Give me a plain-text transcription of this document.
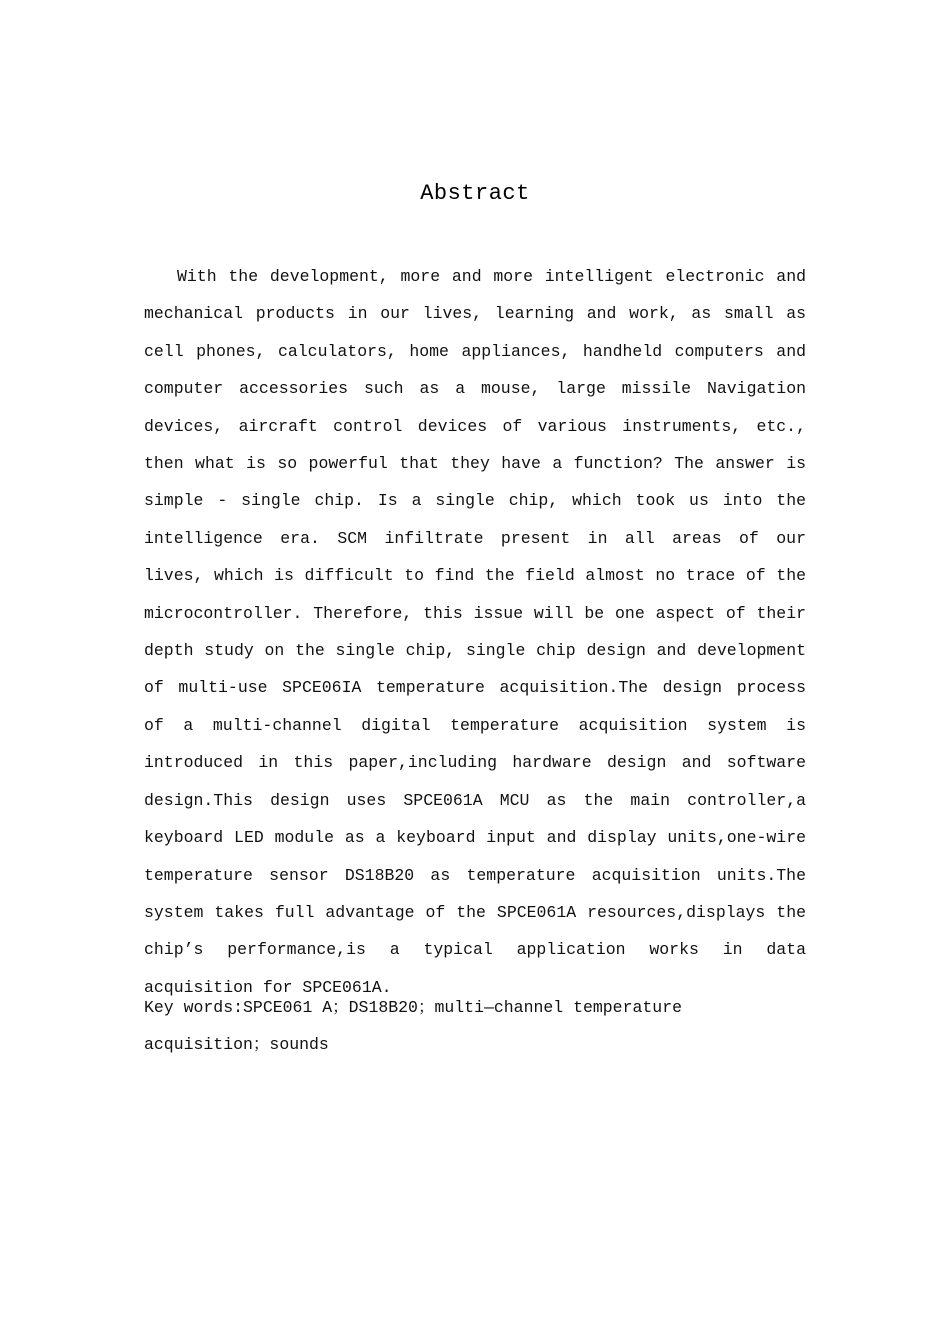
Abstract

With the development, more and more intelligent electronic and mechanical products in our lives, learning and work, as small as cell phones, calculators, home appliances, handheld computers and computer accessories such as a mouse, large missile Navigation devices, aircraft control devices of various instruments, etc., then what is so powerful that they have a function? The answer is simple - single chip. Is a single chip, which took us into the intelligence era. SCM infiltrate present in all areas of our lives, which is difficult to find the field almost no trace of the microcontroller. Therefore, this issue will be one aspect of their depth study on the single chip, single chip design and development of multi-use SPCE06IA temperature acquisition.The design process of a multi-channel digital temperature acquisition system is introduced in this paper,including hardware design and software design.This design uses SPCE061A MCU as the main controller,a keyboard LED module as a keyboard input and display units,one-wire temperature sensor DS18B20 as temperature acquisition units.The system takes full advantage of the SPCE061A resources,displays the chip’s performance,is a typical application works in data acquisition for SPCE061A.

Key words:SPCE061 A；DS18B20；multi—channel temperature acquisition；sounds
